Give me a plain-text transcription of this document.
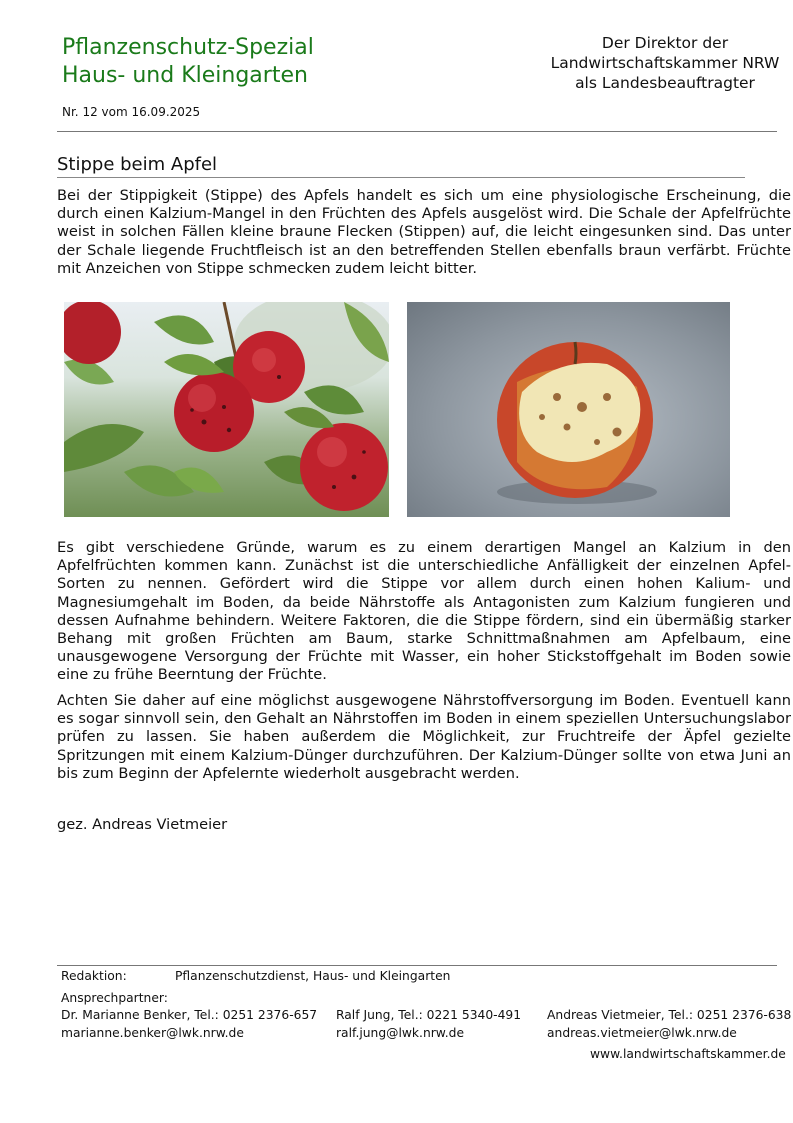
Pflanzenschutz-Spezial
Haus- und Kleingarten
Nr. 12 vom 16.09.2025
Der Direktor der
Landwirtschaftskammer NRW
als Landesbeauftragter
Stippe beim Apfel

Bei der Stippigkeit (Stippe) des Apfels handelt es sich um eine physiologische Erscheinung, die durch einen Kalzium-Mangel in den Früchten des Apfels ausgelöst wird. Die Schale der Apfelfrüchte weist in solchen Fällen kleine braune Flecken (Stippen) auf, die leicht eingesunken sind. Das unter der Schale liegende Fruchtfleisch ist an den betreffenden Stellen ebenfalls braun verfärbt. Früchte mit Anzeichen von Stippe schmecken zudem leicht bitter.

Es gibt verschiedene Gründe, warum es zu einem derartigen Mangel an Kalzium in den Apfelfrüchten kommen kann. Zunächst ist die unterschiedliche Anfälligkeit der einzelnen Apfel-Sorten zu nennen. Gefördert wird die Stippe vor allem durch einen hohen Kalium- und Magnesiumgehalt im Boden, da beide Nährstoffe als Antagonisten zum Kalzium fungieren und dessen Aufnahme behindern. Weitere Faktoren, die die Stippe fördern, sind ein übermäßig starker Behang mit großen Früchten am Baum, starke Schnittmaßnahmen am Apfelbaum, eine unausgewogene Versorgung der Früchte mit Wasser, ein hoher Stickstoffgehalt im Boden sowie eine zu frühe Beerntung der Früchte.

Achten Sie daher auf eine möglichst ausgewogene Nährstoffversorgung im Boden. Eventuell kann es sogar sinnvoll sein, den Gehalt an Nährstoffen im Boden in einem speziellen Untersuchungslabor prüfen zu lassen. Sie haben außerdem die Möglichkeit, zur Fruchtreife der Äpfel gezielte Spritzungen mit einem Kalzium-Dünger durchzuführen. Der Kalzium-Dünger sollte von etwa Juni an bis zum Beginn der Apfelernte wiederholt ausgebracht werden.

gez. Andreas Vietmeier
Redaktion:	Pflanzenschutzdienst, Haus- und Kleingarten
Ansprechpartner:
Dr. Marianne Benker, Tel.: 0251 2376-657
marianne.benker@lwk.nrw.de
Ralf Jung, Tel.: 0221 5340-491
ralf.jung@lwk.nrw.de
Andreas Vietmeier, Tel.: 0251 2376-638
andreas.vietmeier@lwk.nrw.de
www.landwirtschaftskammer.de
